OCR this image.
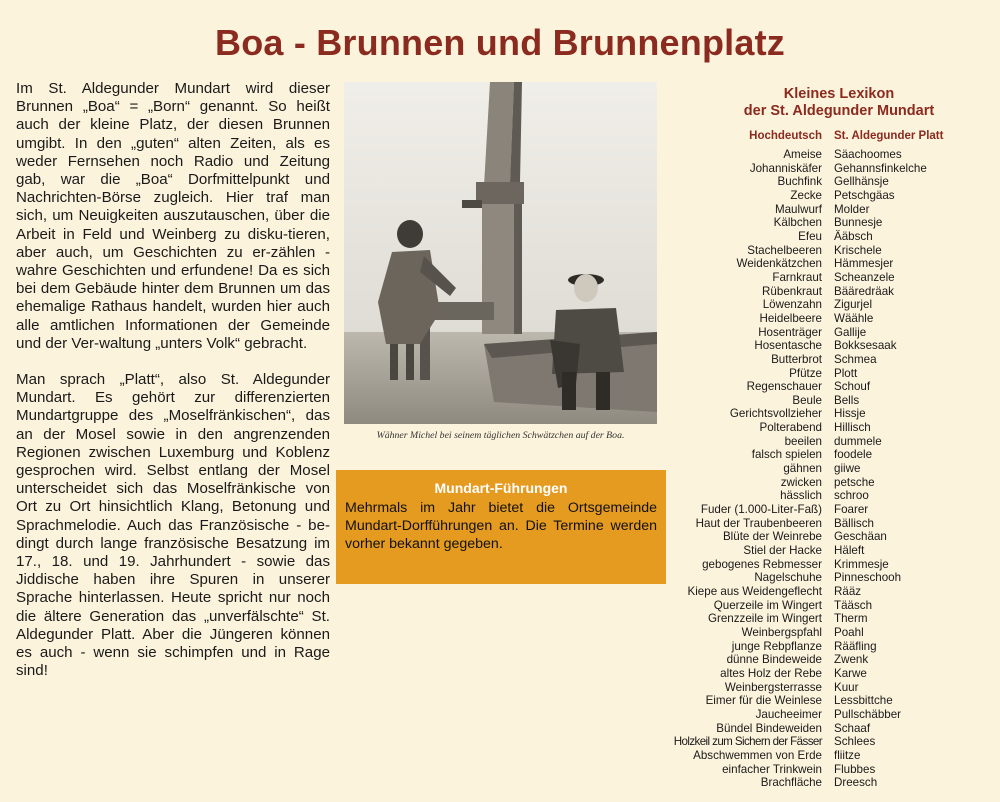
Boa - Brunnen und Brunnenplatz

Im St. Aldegunder Mundart wird dieser Brunnen „Boa“ = „Born“ genannt. So heißt auch der kleine Platz, der diesen Brunnen umgibt. In den „guten“ alten Zeiten, als es weder Fernsehen noch Radio und Zeitung gab, war die „Boa“ Dorfmittelpunkt und Nachrichten-Börse zugleich. Hier traf man sich, um Neuigkeiten auszutauschen, über die Arbeit in Feld und Weinberg zu disku-tieren, aber auch, um Geschichten zu er-zählen - wahre Geschichten und erfundene! Da es sich bei dem Gebäude hinter dem Brunnen um das ehemalige Rathaus handelt, wurden hier auch alle amtlichen Informationen der Gemeinde und der Ver-waltung „unters Volk“ gebracht.

Man sprach „Platt“, also St. Aldegunder Mundart. Es gehört zur differenzierten Mundartgruppe des „Moselfränkischen“, das an der Mosel sowie in den angrenzenden Regionen zwischen Luxemburg und Koblenz gesprochen wird. Selbst entlang der Mosel unterscheidet sich das Moselfränkische von Ort zu Ort hinsichtlich Klang, Betonung und Sprachmelodie. Auch das Französische - be-dingt durch lange französische Besatzung im 17., 18. und 19. Jahrhundert - sowie das Jiddische haben ihre Spuren in unserer Sprache hinterlassen. Heute spricht nur noch die ältere Generation das „unverfälschte“ St. Aldegunder Platt. Aber die Jüngeren können es auch - wenn sie schimpfen und in Rage sind!

Wähner Michel bei seinem täglichen Schwätzchen auf der Boa.
Mundart-Führungen
Mehrmals im Jahr bietet die Ortsgemeinde Mundart-Dorfführungen an. Die Termine werden vorher bekannt gegeben.
Kleines Lexikon
der St. Aldegunder Mundart
Hochdeutsch	St. Aldegunder Platt
Ameise	Säachoomes
Johanniskäfer	Gehannsfinkelche
Buchfink	Gellhänsje
Zecke	Petschgäas
Maulwurf	Molder
Kälbchen	Bunnesje
Efeu	Ääbsch
Stachelbeeren	Krischele
Weidenkätzchen	Hämmesjer
Farnkraut	Scheanzele
Rübenkraut	Bääredräak
Löwenzahn	Zigurjel
Heidelbeere	Wäähle
Hosenträger	Gallije
Hosentasche	Bokksesaak
Butterbrot	Schmea
Pfütze	Plott
Regenschauer	Schouf
Beule	Bells
Gerichtsvollzieher	Hissje
Polterabend	Hillisch
beeilen	dummele
falsch spielen	foodele
gähnen	giiwe
zwicken	petsche
hässlich	schroo
Fuder (1.000-Liter-Faß)	Foarer
Haut der Traubenbeeren	Bällisch
Blüte der Weinrebe	Geschäan
Stiel der Hacke	Häleft
gebogenes Rebmesser	Krimmesje
Nagelschuhe	Pinneschooh
Kiepe aus Weidengeflecht	Rääz
Querzeile im Wingert	Tääsch
Grenzzeile im Wingert	Therm
Weinbergspfahl	Poahl
junge Rebpflanze	Rääfling
dünne Bindeweide	Zwenk
altes Holz der Rebe	Karwe
Weinbergsterrasse	Kuur
Eimer für die Weinlese	Lessbittche
Jaucheeimer	Pullschäbber
Bündel Bindeweiden	Schaaf
Holzkeil zum Sichern der Fässer	Schlees
Abschwemmen von Erde	fliitze
einfacher Trinkwein	Flubbes
Brachfläche	Dreesch
